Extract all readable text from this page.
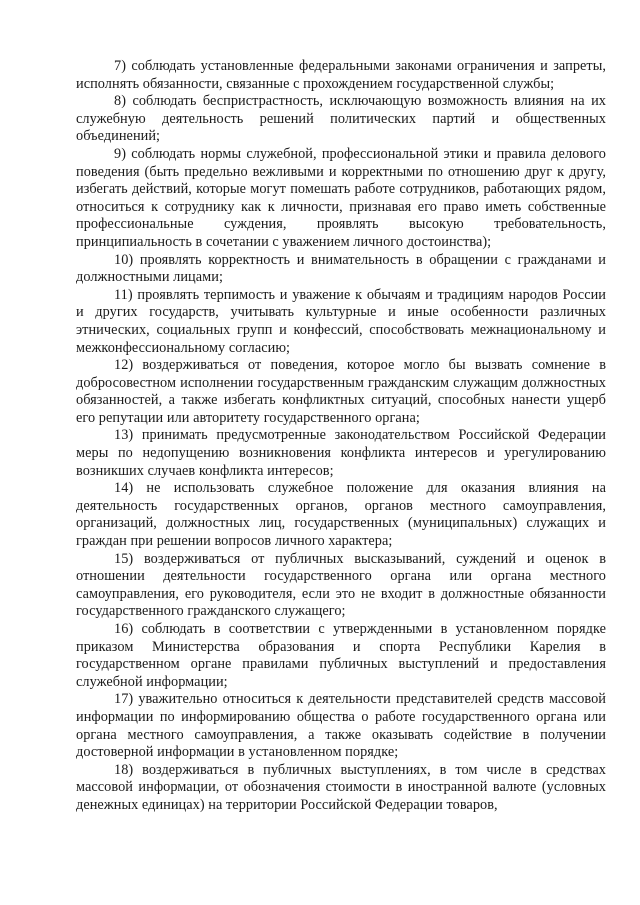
7) соблюдать установленные федеральными законами ограничения и запреты, исполнять обязанности, связанные с прохождением государственной службы;

8) соблюдать беспристрастность, исключающую возможность влияния на их служебную деятельность решений политических партий и общественных объединений;

9) соблюдать нормы служебной, профессиональной этики и правила делового поведения (быть предельно вежливыми и корректными по отношению друг к другу, избегать действий, которые могут помешать работе сотрудников, работающих рядом, относиться к сотруднику как к личности, признавая его право иметь собственные профессиональные суждения, проявлять высокую требовательность, принципиальность в сочетании с уважением личного достоинства);

10) проявлять корректность и внимательность в обращении с гражданами и должностными лицами;

11) проявлять терпимость и уважение к обычаям и традициям народов России и других государств, учитывать культурные и иные особенности различных этнических, социальных групп и конфессий, способствовать межнациональному и межконфессиональному согласию;

12) воздерживаться от поведения, которое могло бы вызвать сомнение в добросовестном исполнении государственным гражданским служащим должностных обязанностей, а также избегать конфликтных ситуаций, способных нанести ущерб его репутации или авторитету государственного органа;

13) принимать предусмотренные законодательством Российской Федерации меры по недопущению возникновения конфликта интересов и урегулированию возникших случаев конфликта интересов;

14) не использовать служебное положение для оказания влияния на деятельность государственных органов, органов местного самоуправления, организаций, должностных лиц, государственных (муниципальных) служащих и граждан при решении вопросов личного характера;

15) воздерживаться от публичных высказываний, суждений и оценок в отношении деятельности государственного органа или органа местного самоуправления, его руководителя, если это не входит в должностные обязанности государственного гражданского служащего;

16) соблюдать в соответствии с утвержденными в установленном порядке приказом Министерства образования и спорта Республики Карелия в государственном органе правилами публичных выступлений и предоставления служебной информации;

17) уважительно относиться к деятельности представителей средств массовой информации по информированию общества о работе государственного органа или органа местного самоуправления, а также оказывать содействие в получении достоверной информации в установленном порядке;

18) воздерживаться в публичных выступлениях, в том числе в средствах массовой информации, от обозначения стоимости в иностранной валюте (условных денежных единицах) на территории Российской Федерации товаров,
